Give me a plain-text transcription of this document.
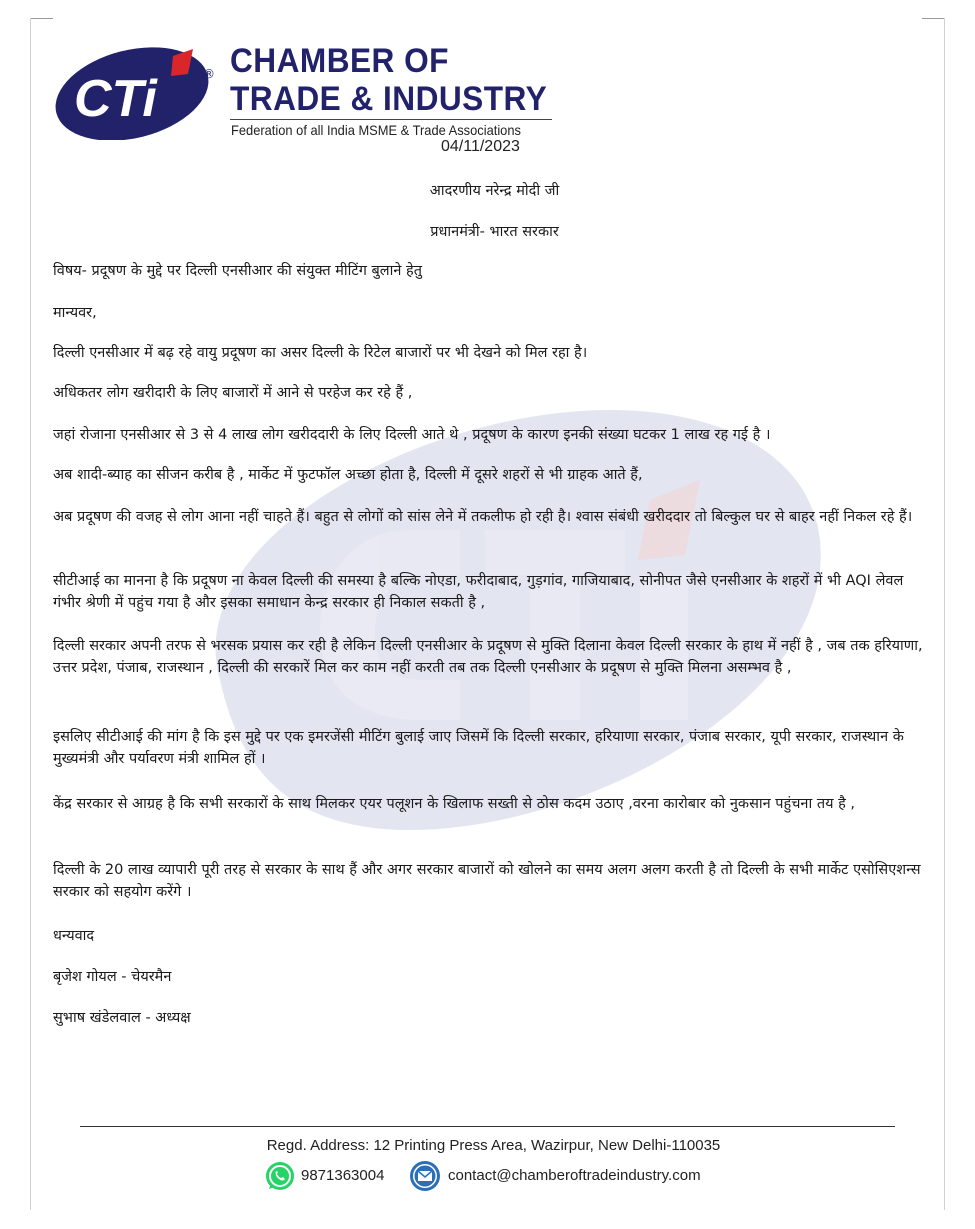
CTi	® CHAMBER OF
TRADE & INDUSTRY
Federation of all India MSME & Trade Associations
04/11/2023
आदरणीय नरेन्द्र मोदी जी
प्रधानमंत्री- भारत सरकार
विषय- प्रदूषण के मुद्दे पर दिल्ली एनसीआर की संयुक्त मीटिंग बुलाने हेतु
मान्यवर,
दिल्ली एनसीआर में बढ़ रहे वायु प्रदूषण का असर दिल्ली के रिटेल बाजारों पर भी देखने को मिल रहा है।
अधिकतर लोग खरीदारी के लिए बाजारों में आने से परहेज कर रहे हैं ,
जहां रोजाना एनसीआर से 3 से 4 लाख लोग खरीददारी के लिए दिल्ली आते थे , प्रदूषण के कारण इनकी संख्या घटकर 1 लाख रह गई है ।
अब शादी-ब्याह का सीजन करीब है , मार्केट में फुटफॉल अच्छा होता है, दिल्ली में दूसरे शहरों से भी ग्राहक आते हैं,
अब प्रदूषण की वजह से लोग आना नहीं चाहते हैं। बहुत से लोगों को सांस लेने में तकलीफ हो रही है। श्वास संबंधी खरीददार तो बिल्कुल घर से बाहर नहीं निकल रहे हैं।
सीटीआई का मानना है कि प्रदूषण ना केवल दिल्ली की समस्या है बल्कि नोएडा, फरीदाबाद, गुड़गांव, गाजियाबाद, सोनीपत जैसे एनसीआर के शहरों में भी AQI लेवल गंभीर श्रेणी में पहुंच गया है और इसका समाधान केन्द्र सरकार ही निकाल सकती है ,
दिल्ली सरकार अपनी तरफ से भरसक प्रयास कर रही है लेकिन दिल्ली एनसीआर के प्रदूषण से मुक्ति दिलाना केवल दिल्ली सरकार के हाथ में नहीं है , जब तक हरियाणा, उत्तर प्रदेश, पंजाब, राजस्थान , दिल्ली की सरकारें मिल कर काम नहीं करती तब तक दिल्ली एनसीआर के प्रदूषण से मुक्ति मिलना असम्भव है ,
इसलिए सीटीआई की मांग है कि इस मुद्दे पर एक इमरजेंसी मीटिंग बुलाई जाए जिसमें कि दिल्ली सरकार, हरियाणा सरकार, पंजाब सरकार, यूपी सरकार, राजस्थान के मुख्यमंत्री और पर्यावरण मंत्री शामिल हों ।
केंद्र सरकार से आग्रह है कि सभी सरकारों के साथ मिलकर एयर पलूशन के खिलाफ सख्ती से ठोस कदम उठाए ,वरना कारोबार को नुकसान पहुंचना तय है ,
दिल्ली के 20 लाख व्यापारी पूरी तरह से सरकार के साथ हैं और अगर सरकार बाजारों को खोलने का समय अलग अलग करती है तो दिल्ली के सभी मार्केट एसोसिएशन्स सरकार को सहयोग करेंगे ।
धन्यवाद
बृजेश गोयल - चेयरमैन
सुभाष खंडेलवाल - अध्यक्ष
Regd. Address: 12 Printing Press Area, Wazirpur, New Delhi-110035
9871363004	contact@chamberoftradeindustry.com
